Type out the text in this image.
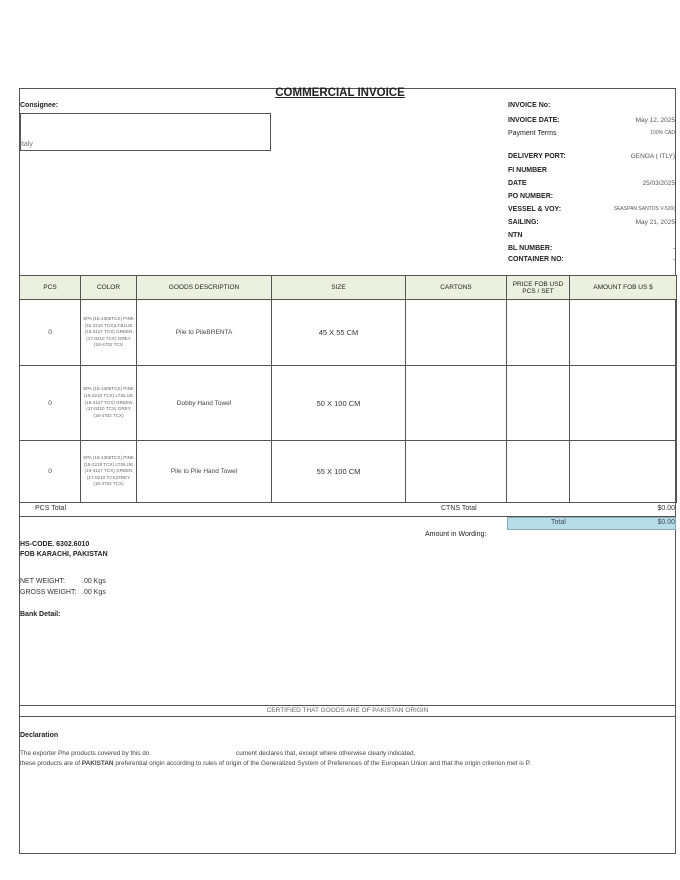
COMMERCIAL INVOICE
Consignee:
Italy
INVOICE No:
INVOICE DATE:	May 12, 2025
Payment Terms	100% CAD
DELIVERY PORT:	GENOA ( ITLY)
FI NUMBER
DATE	25/03/2025
PO NUMBER:
VESSEL & VOY:	SEASPAN SANTOS V-520(
SAILING:	May 21, 2025
NTN
BL NUMBER:	-
CONTAINER NO:	-
PCS	COLOR	GOODS DESCRIPTION	SIZE	CARTONS	PRICE FOB USD PCS / SET	AMOUNT FOB US $
0	SPA (15-1305TCX) PINK (15-2210 TCX)LT.BLUE (16-4127 TCX) GREEN (17-0210 TCX) GREY (16-4702 TCX	Pile to PileBRENTA	45 X 55 CM			
0	SPA (15-1305TCX) PINK (15-2210 TCX) LT.BLUE (16-4127 TCX) GREEN (17-0210 TCX) GREY (16-4702 TCX)	Dobby Hand Towel	50 X 100 CM			
0	SPA (15-1305TCX) PINK (15-2210 TCX) LT.BLUE (16-4127 TCX) GREEN (17-0210 TCX)GREY (16-4702 TCX)	Pile to Pile Hand Towel	55 X 100 CM			
PCS Total	CTNS Total	$0.00
Total	$0.00
Amount in Wording:
HS-CODE. 6302.6010
FOB KARACHI, PAKISTAN
NET WEIGHT: .00 Kgs
GROSS WEIGHT: .00 Kgs
Bank Detail:
CERTIFIED THAT GOODS ARE OF PAKISTAN ORIGIN
Declaration
The exporter Phe products covered by this do	cument declares that, except where otherwise clearly indicated,
these products are of PAKISTAN preferential origin according to rules of origin of the Generalized System of Preferences of the European Union and that the origin criterion met is P.
